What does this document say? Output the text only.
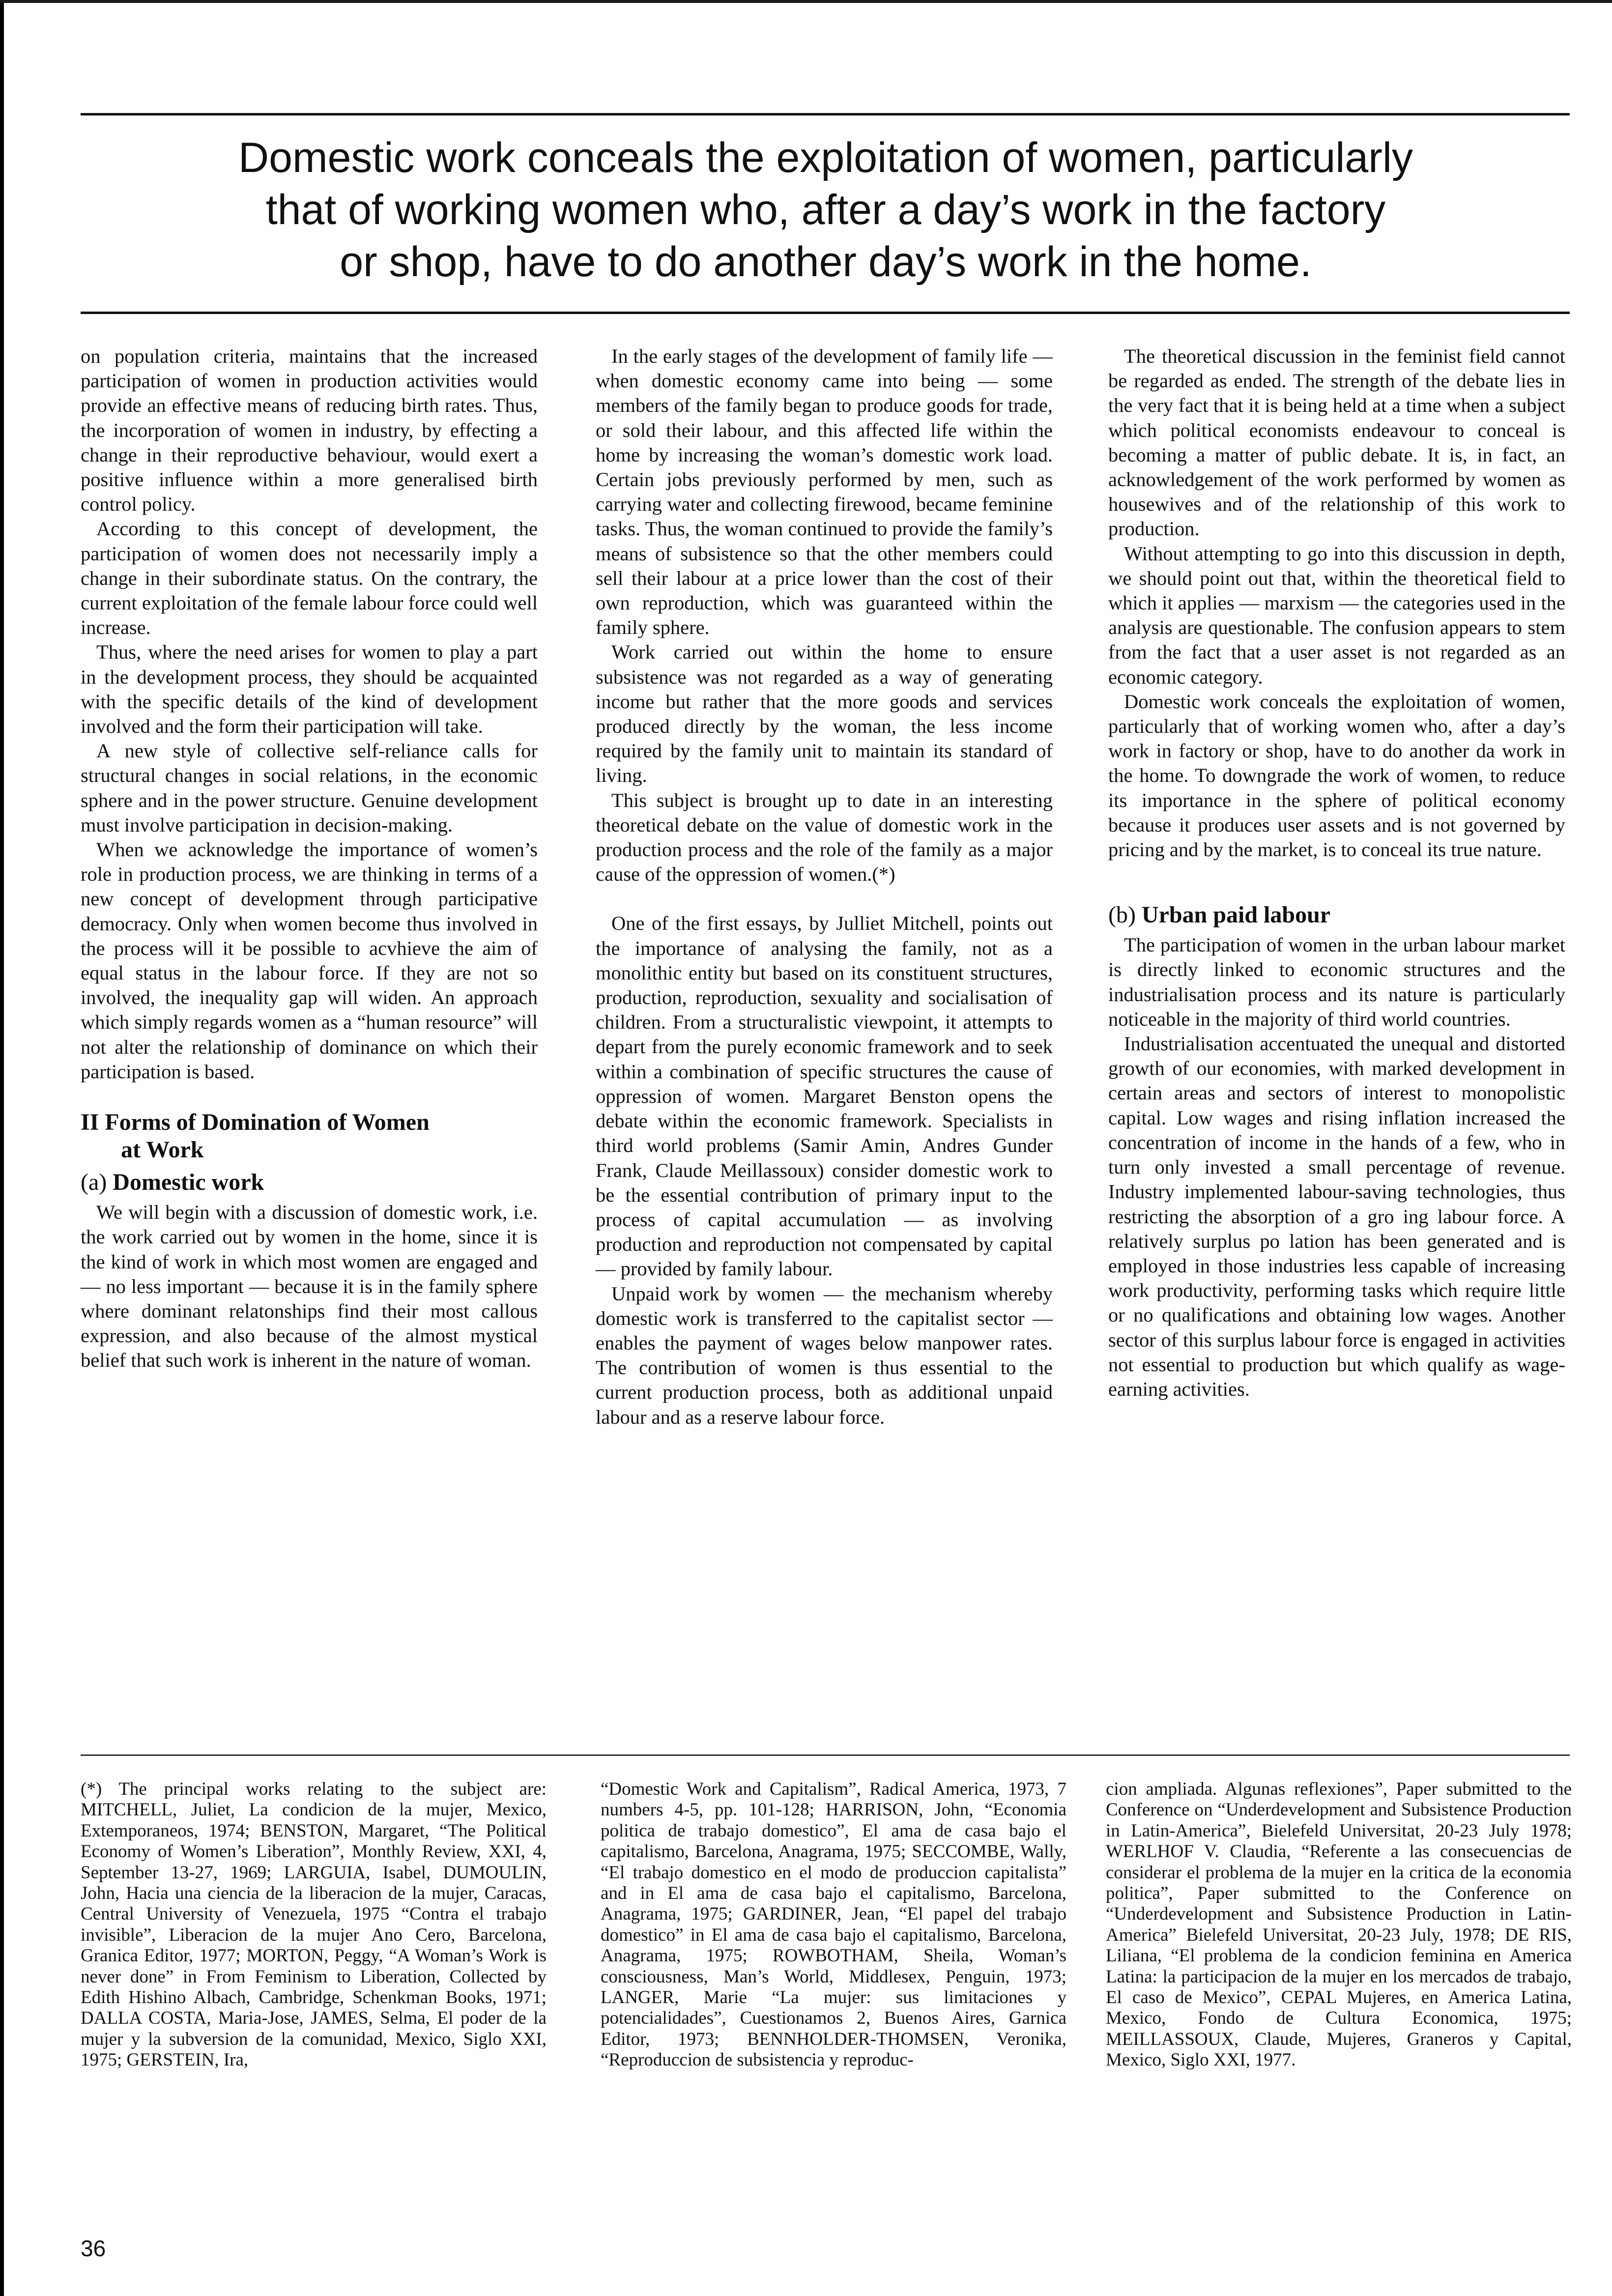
Domestic work conceals the exploitation of women, particularly
that of working women who, after a day’s work in the factory
or shop, have to do another day’s work in the home.

on population criteria, maintains that the increased participation of women in production activities would provide an effective means of reducing birth rates. Thus, the incorporation of women in industry, by effecting a change in their reproductive behaviour, would exert a positive influence within a more generalised birth control policy.

According to this concept of development, the participation of women does not necessarily imply a change in their subordinate status. On the contrary, the current exploitation of the female labour force could well increase.

Thus, where the need arises for women to play a part in the development process, they should be acquainted with the specific details of the kind of development involved and the form their participation will take.

A new style of collective self-reliance calls for structural changes in social relations, in the economic sphere and in the power structure. Genuine development must involve participation in decision-making.

When we acknowledge the importance of women’s role in production process, we are thinking in terms of a new concept of development through participative democracy. Only when women become thus involved in the process will it be possible to acvhieve the aim of equal status in the labour force. If they are not so involved, the inequality gap will widen. An approach which simply regards women as a “human resource” will not alter the relationship of dominance on which their participation is based.

II Forms of Domination of Women
at Work
(a) Domestic work

We will begin with a discussion of domestic work, i.e. the work carried out by women in the home, since it is the kind of work in which most women are engaged and — no less important — because it is in the family sphere where dominant relatonships find their most callous expression, and also because of the almost mystical belief that such work is inherent in the nature of woman.

In the early stages of the development of family life — when domestic economy came into being — some members of the family began to produce goods for trade, or sold their labour, and this affected life within the home by increasing the woman’s domestic work load. Certain jobs previously performed by men, such as carrying water and collecting firewood, became feminine tasks. Thus, the woman continued to provide the family’s means of subsistence so that the other members could sell their labour at a price lower than the cost of their own reproduction, which was guaranteed within the family sphere.

Work carried out within the home to ensure subsistence was not regarded as a way of generating income but rather that the more goods and services produced directly by the woman, the less income required by the family unit to maintain its standard of living.

This subject is brought up to date in an interesting theoretical debate on the value of domestic work in the production process and the role of the family as a major cause of the oppression of women.(*)

One of the first essays, by Julliet Mitchell, points out the importance of analysing the family, not as a monolithic entity but based on its constituent structures, production, reproduction, sexuality and socialisation of children. From a structuralistic viewpoint, it attempts to depart from the purely economic framework and to seek within a combination of specific structures the cause of oppression of women. Margaret Benston opens the debate within the economic framework. Specialists in third world problems (Samir Amin, Andres Gunder Frank, Claude Meillassoux) consider domestic work to be the essential contribution of primary input to the process of capital accumulation — as involving production and reproduction not compensated by capital — provided by family labour.

Unpaid work by women — the mechanism whereby domestic work is transferred to the capitalist sector — enables the payment of wages below manpower rates. The contribution of women is thus essential to the current production process, both as additional unpaid labour and as a reserve labour force.

The theoretical discussion in the feminist field cannot be regarded as ended. The strength of the debate lies in the very fact that it is being held at a time when a subject which political economists endeavour to conceal is becoming a matter of public debate. It is, in fact, an acknowledgement of the work performed by women as housewives and of the relationship of this work to production.

Without attempting to go into this discussion in depth, we should point out that, within the theoretical field to which it applies — marxism — the categories used in the analysis are questionable. The confusion appears to stem from the fact that a user asset is not regarded as an economic category.

Domestic work conceals the exploitation of women, particularly that of working women who, after a day’s work in factory or shop, have to do another da work in the home. To downgrade the work of women, to reduce its importance in the sphere of political economy because it produces user assets and is not governed by pricing and by the market, is to conceal its true nature.

(b) Urban paid labour

The participation of women in the urban labour market is directly linked to economic structures and the industrialisation process and its nature is particularly noticeable in the majority of third world countries.

Industrialisation accentuated the unequal and distorted growth of our economies, with marked development in certain areas and sectors of interest to monopolistic capital. Low wages and rising inflation increased the concentration of income in the hands of a few, who in turn only invested a small percentage of revenue. Industry implemented labour-saving technologies, thus restricting the absorption of a gro ing labour force. A relatively surplus po lation has been generated and is employed in those industries less capable of increasing work productivity, performing tasks which require little or no qualifications and obtaining low wages. Another sector of this surplus labour force is engaged in activities not essential to production but which qualify as wage-earning activities.

(*) The principal works relating to the subject are: MITCHELL, Juliet, La condicion de la mujer, Mexico, Extemporaneos, 1974; BENSTON, Margaret, “The Political Economy of Women’s Liberation”, Monthly Review, XXI, 4, September 13-27, 1969; LARGUIA, Isabel, DUMOULIN, John, Hacia una ciencia de la liberacion de la mujer, Caracas, Central University of Venezuela, 1975 “Contra el trabajo invisible”, Liberacion de la mujer Ano Cero, Barcelona, Granica Editor, 1977; MORTON, Peggy, “A Woman’s Work is never done” in From Feminism to Liberation, Collected by Edith Hishino Albach, Cambridge, Schenkman Books, 1971; DALLA COSTA, Maria-Jose, JAMES, Selma, El poder de la mujer y la subversion de la comunidad, Mexico, Siglo XXI, 1975; GERSTEIN, Ira,

“Domestic Work and Capitalism”, Radical America, 1973, 7 numbers 4-5, pp. 101-128; HARRISON, John, “Economia politica de trabajo domestico”, El ama de casa bajo el capitalismo, Barcelona, Anagrama, 1975; SECCOMBE, Wally, “El trabajo domestico en el modo de produccion capitalista” and in El ama de casa bajo el capitalismo, Barcelona, Anagrama, 1975; GARDINER, Jean, “El papel del trabajo domestico” in El ama de casa bajo el capitalismo, Barcelona, Anagrama, 1975; ROWBOTHAM, Sheila, Woman’s consciousness, Man’s World, Middlesex, Penguin, 1973; LANGER, Marie “La mujer: sus limitaciones y potencialidades”, Cuestionamos 2, Buenos Aires, Garnica Editor, 1973; BENNHOLDER-THOMSEN, Veronika, “Reproduccion de subsistencia y reproduc-

cion ampliada. Algunas reflexiones”, Paper submitted to the Conference on “Underdevelopment and Subsistence Production in Latin-America”, Bielefeld Universitat, 20-23 July 1978; WERLHOF V. Claudia, “Referente a las consecuencias de considerar el problema de la mujer en la critica de la economia politica”, Paper submitted to the Conference on “Underdevelopment and Subsistence Production in Latin-America” Bielefeld Universitat, 20-23 July, 1978; DE RIS, Liliana, “El problema de la condicion feminina en America Latina: la participacion de la mujer en los mercados de trabajo, El caso de Mexico”, CEPAL Mujeres, en America Latina, Mexico, Fondo de Cultura Economica, 1975; MEILLASSOUX, Claude, Mujeres, Graneros y Capital, Mexico, Siglo XXI, 1977.

36
